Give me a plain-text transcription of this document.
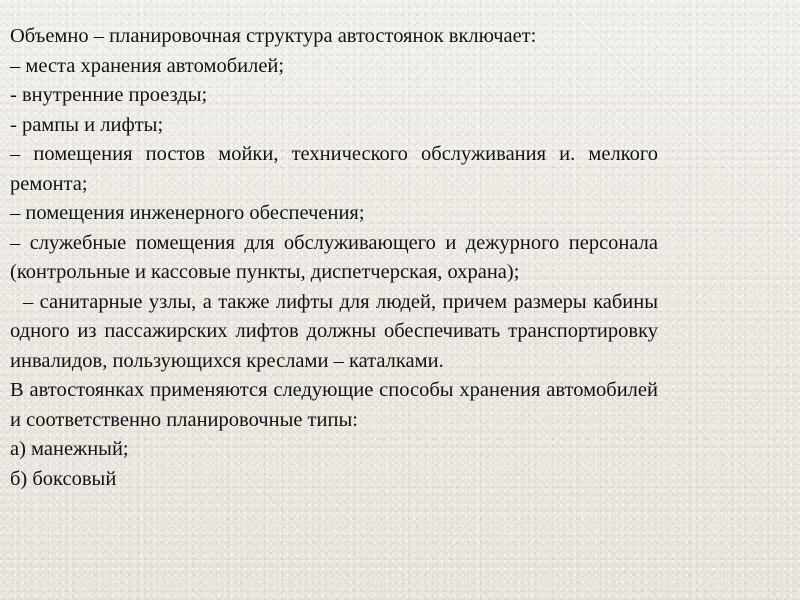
Объемно – планировочная структура автостоянок включает:

– места хранения автомобилей;

- внутренние проезды;

- рампы и лифты;

– помещения постов мойки, технического обслуживания и. мелкого ремонта;

– помещения инженерного обеспечения;

– служебные помещения для обслуживающего и дежурного персонала (контрольные и кассовые пункты, диспетчерская, охрана);

– санитарные узлы, а также лифты для людей, причем размеры кабины одного из пассажирских лифтов должны обеспечивать транспортировку инвалидов, пользующихся креслами – каталками.

В автостоянках применяются следующие способы хранения автомобилей и соответственно планировочные типы:

а) манежный;

б) боксовый
